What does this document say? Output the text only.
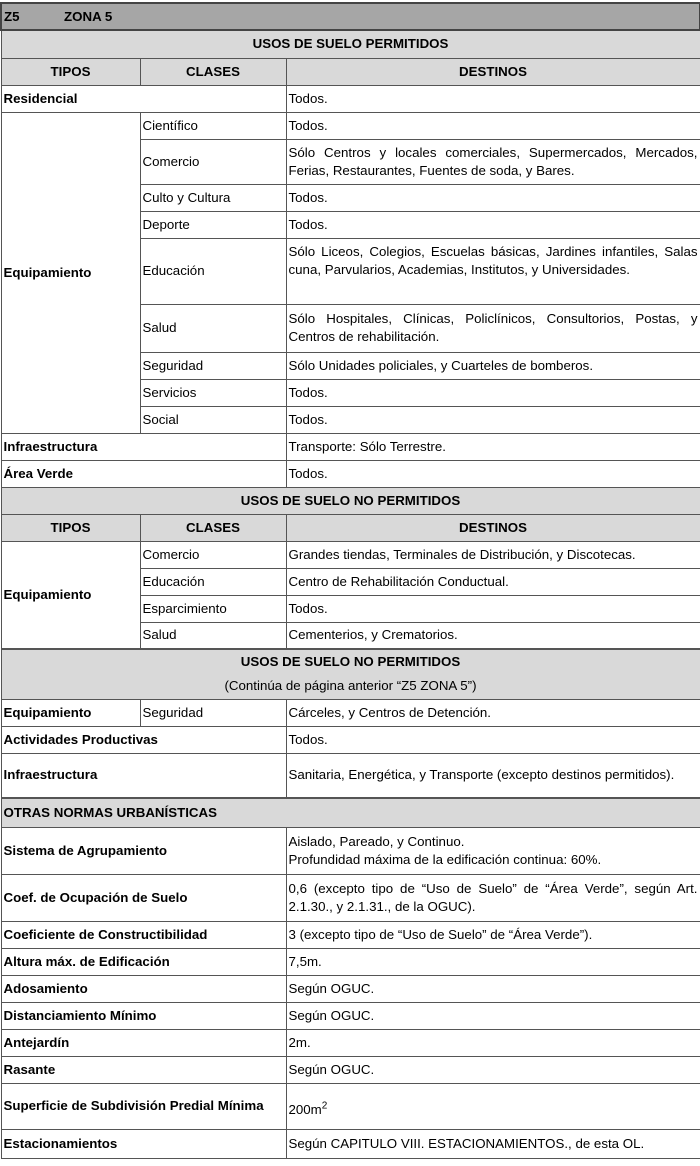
Z5 ZONA 5		
USOS DE SUELO PERMITIDOS		
TIPOS	CLASES	DESTINOS
Residencial		Todos.
Equipamiento	Científico	Todos.
	Comercio	Sólo Centros y locales comerciales, Supermercados, Mercados, Ferias, Restaurantes, Fuentes de soda, y Bares.
	Culto y Cultura	Todos.
	Deporte	Todos.
	Educación	Sólo Liceos, Colegios, Escuelas básicas, Jardines infantiles, Salas cuna, Parvularios, Academias, Institutos, y Universidades.
	Salud	Sólo Hospitales, Clínicas, Policlínicos, Consultorios, Postas, y Centros de rehabilitación.
	Seguridad	Sólo Unidades policiales, y Cuarteles de bomberos.
	Servicios	Todos.
	Social	Todos.
Infraestructura		Transporte: Sólo Terrestre.
Área Verde		Todos.
USOS DE SUELO NO PERMITIDOS		
TIPOS	CLASES	DESTINOS
Equipamiento	Comercio	Grandes tiendas, Terminales de Distribución, y Discotecas.
	Educación	Centro de Rehabilitación Conductual.
	Esparcimiento	Todos.
	Salud	Cementerios, y Crematorios.

USOS DE SUELO NO PERMITIDOS
(Continúa de página anterior “Z5 ZONA 5”)		

Equipamiento	Seguridad	Cárceles, y Centros de Detención.
Actividades Productivas		Todos.
Infraestructura		Sanitaria, Energética, y Transporte (excepto destinos permitidos).
OTRAS NORMAS URBANÍSTICAS		
Sistema de Agrupamiento		Aislado, Pareado, y Continuo.
Profundidad máxima de la edificación continua: 60%.

Coef. de Ocupación de Suelo		0,6 (excepto tipo de “Uso de Suelo” de “Área Verde”, según Art. 2.1.30., y 2.1.31., de la OGUC).
Coeficiente de Constructibilidad		3 (excepto tipo de “Uso de Suelo” de “Área Verde”).
Altura máx. de Edificación		7,5m.
Adosamiento		Según OGUC.
Distanciamiento Mínimo		Según OGUC.
Antejardín		2m.
Rasante		Según OGUC.
Superficie de Subdivisión Predial Mínima		$200m^2$
Estacionamientos		Según CAPITULO VIII. ESTACIONAMIENTOS., de esta OL.
